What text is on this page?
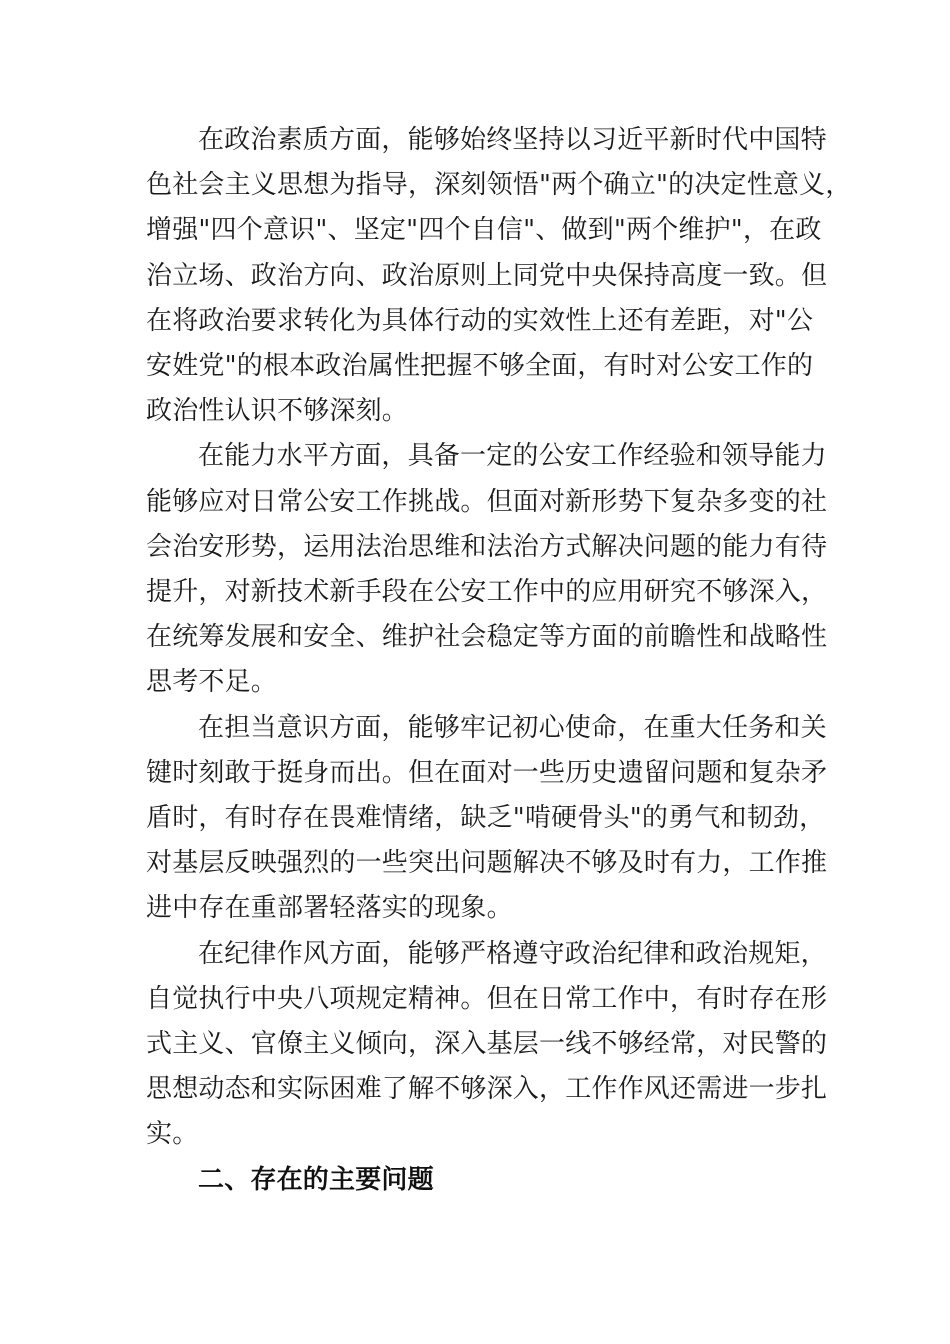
在政治素质方面，能够始终坚持以习近平新时代中国特
色社会主义思想为指导，深刻领悟"两个确立"的决定性意义，
增强"四个意识"、坚定"四个自信"、做到"两个维护"，在政
治立场、政治方向、政治原则上同党中央保持高度一致。但
在将政治要求转化为具体行动的实效性上还有差距，对"公
安姓党"的根本政治属性把握不够全面，有时对公安工作的
政治性认识不够深刻。

在能力水平方面，具备一定的公安工作经验和领导能力
能够应对日常公安工作挑战。但面对新形势下复杂多变的社
会治安形势，运用法治思维和法治方式解决问题的能力有待
提升，对新技术新手段在公安工作中的应用研究不够深入，
在统筹发展和安全、维护社会稳定等方面的前瞻性和战略性
思考不足。

在担当意识方面，能够牢记初心使命，在重大任务和关
键时刻敢于挺身而出。但在面对一些历史遗留问题和复杂矛
盾时，有时存在畏难情绪，缺乏"啃硬骨头"的勇气和韧劲，
对基层反映强烈的一些突出问题解决不够及时有力，工作推
进中存在重部署轻落实的现象。

在纪律作风方面，能够严格遵守政治纪律和政治规矩，
自觉执行中央八项规定精神。但在日常工作中，有时存在形
式主义、官僚主义倾向，深入基层一线不够经常，对民警的
思想动态和实际困难了解不够深入，工作作风还需进一步扎
实。

二、存在的主要问题
